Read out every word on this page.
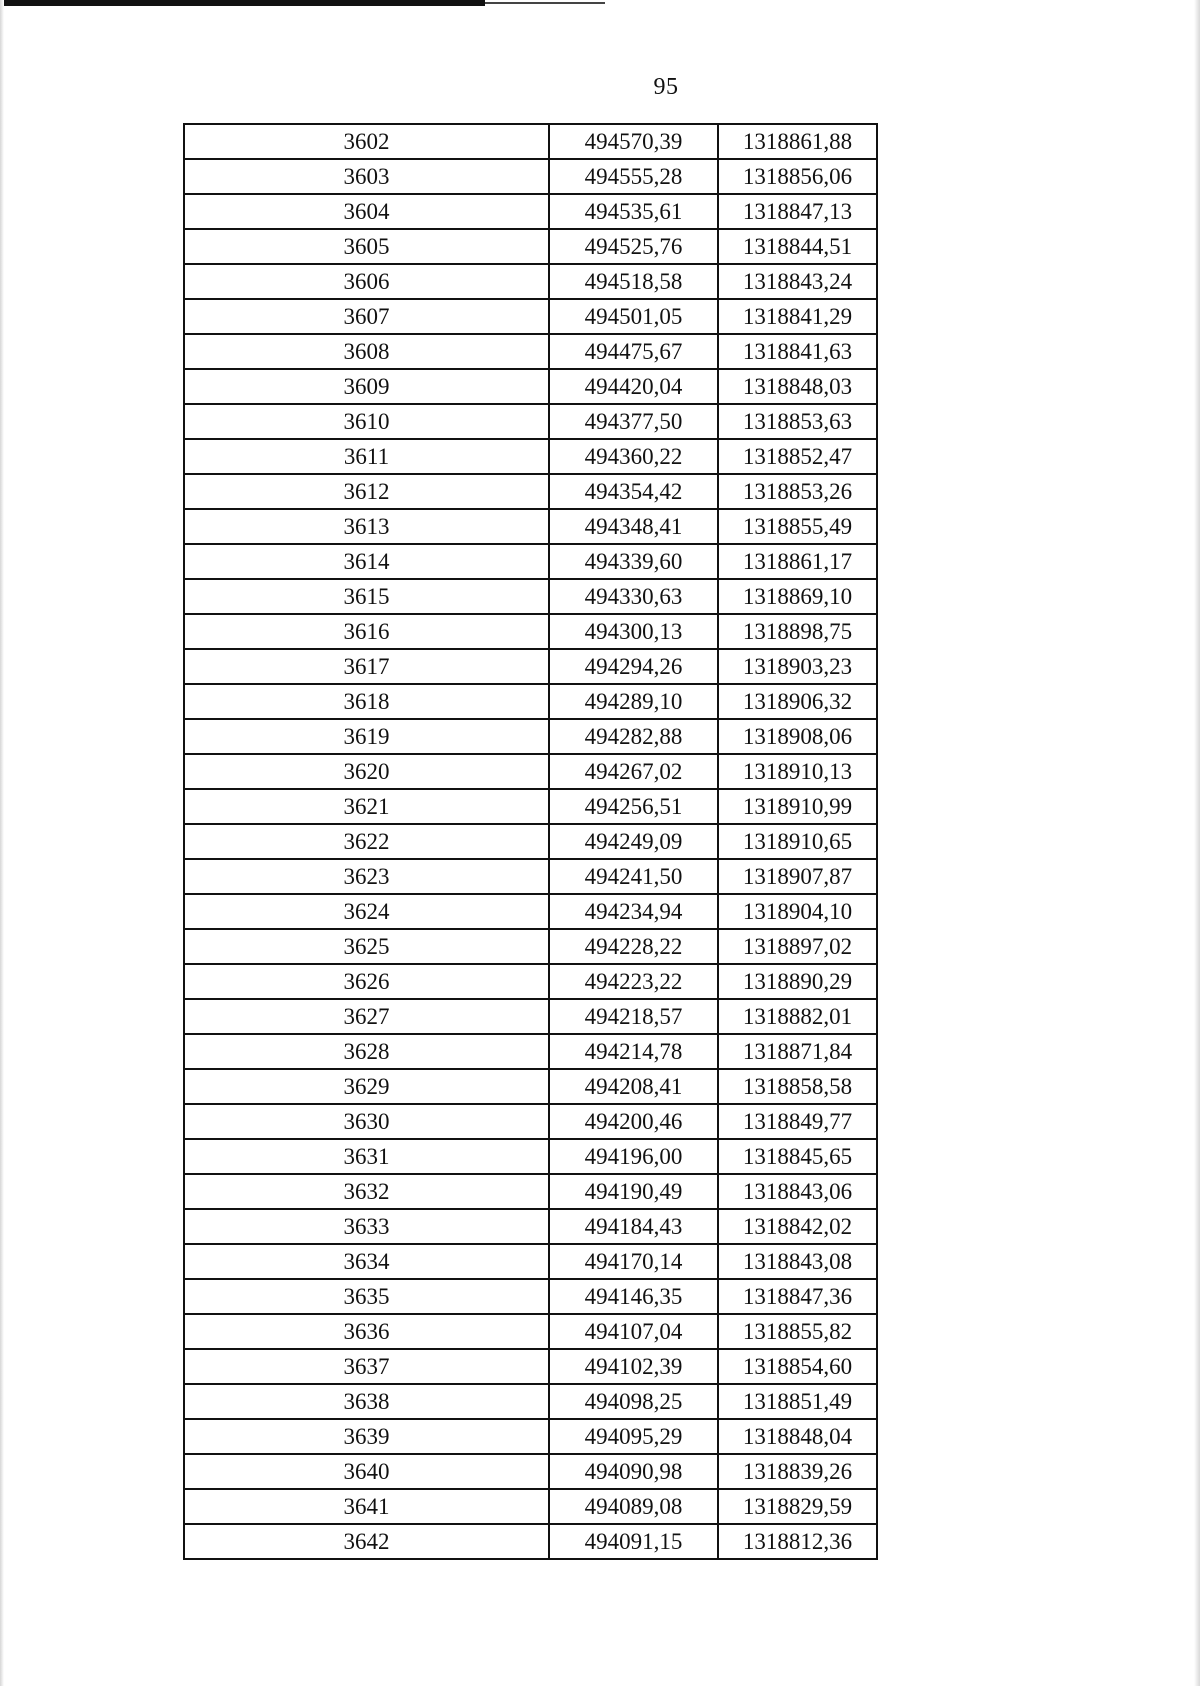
95
3602	494570,39	1318861,88
3603	494555,28	1318856,06
3604	494535,61	1318847,13
3605	494525,76	1318844,51
3606	494518,58	1318843,24
3607	494501,05	1318841,29
3608	494475,67	1318841,63
3609	494420,04	1318848,03
3610	494377,50	1318853,63
3611	494360,22	1318852,47
3612	494354,42	1318853,26
3613	494348,41	1318855,49
3614	494339,60	1318861,17
3615	494330,63	1318869,10
3616	494300,13	1318898,75
3617	494294,26	1318903,23
3618	494289,10	1318906,32
3619	494282,88	1318908,06
3620	494267,02	1318910,13
3621	494256,51	1318910,99
3622	494249,09	1318910,65
3623	494241,50	1318907,87
3624	494234,94	1318904,10
3625	494228,22	1318897,02
3626	494223,22	1318890,29
3627	494218,57	1318882,01
3628	494214,78	1318871,84
3629	494208,41	1318858,58
3630	494200,46	1318849,77
3631	494196,00	1318845,65
3632	494190,49	1318843,06
3633	494184,43	1318842,02
3634	494170,14	1318843,08
3635	494146,35	1318847,36
3636	494107,04	1318855,82
3637	494102,39	1318854,60
3638	494098,25	1318851,49
3639	494095,29	1318848,04
3640	494090,98	1318839,26
3641	494089,08	1318829,59
3642	494091,15	1318812,36
